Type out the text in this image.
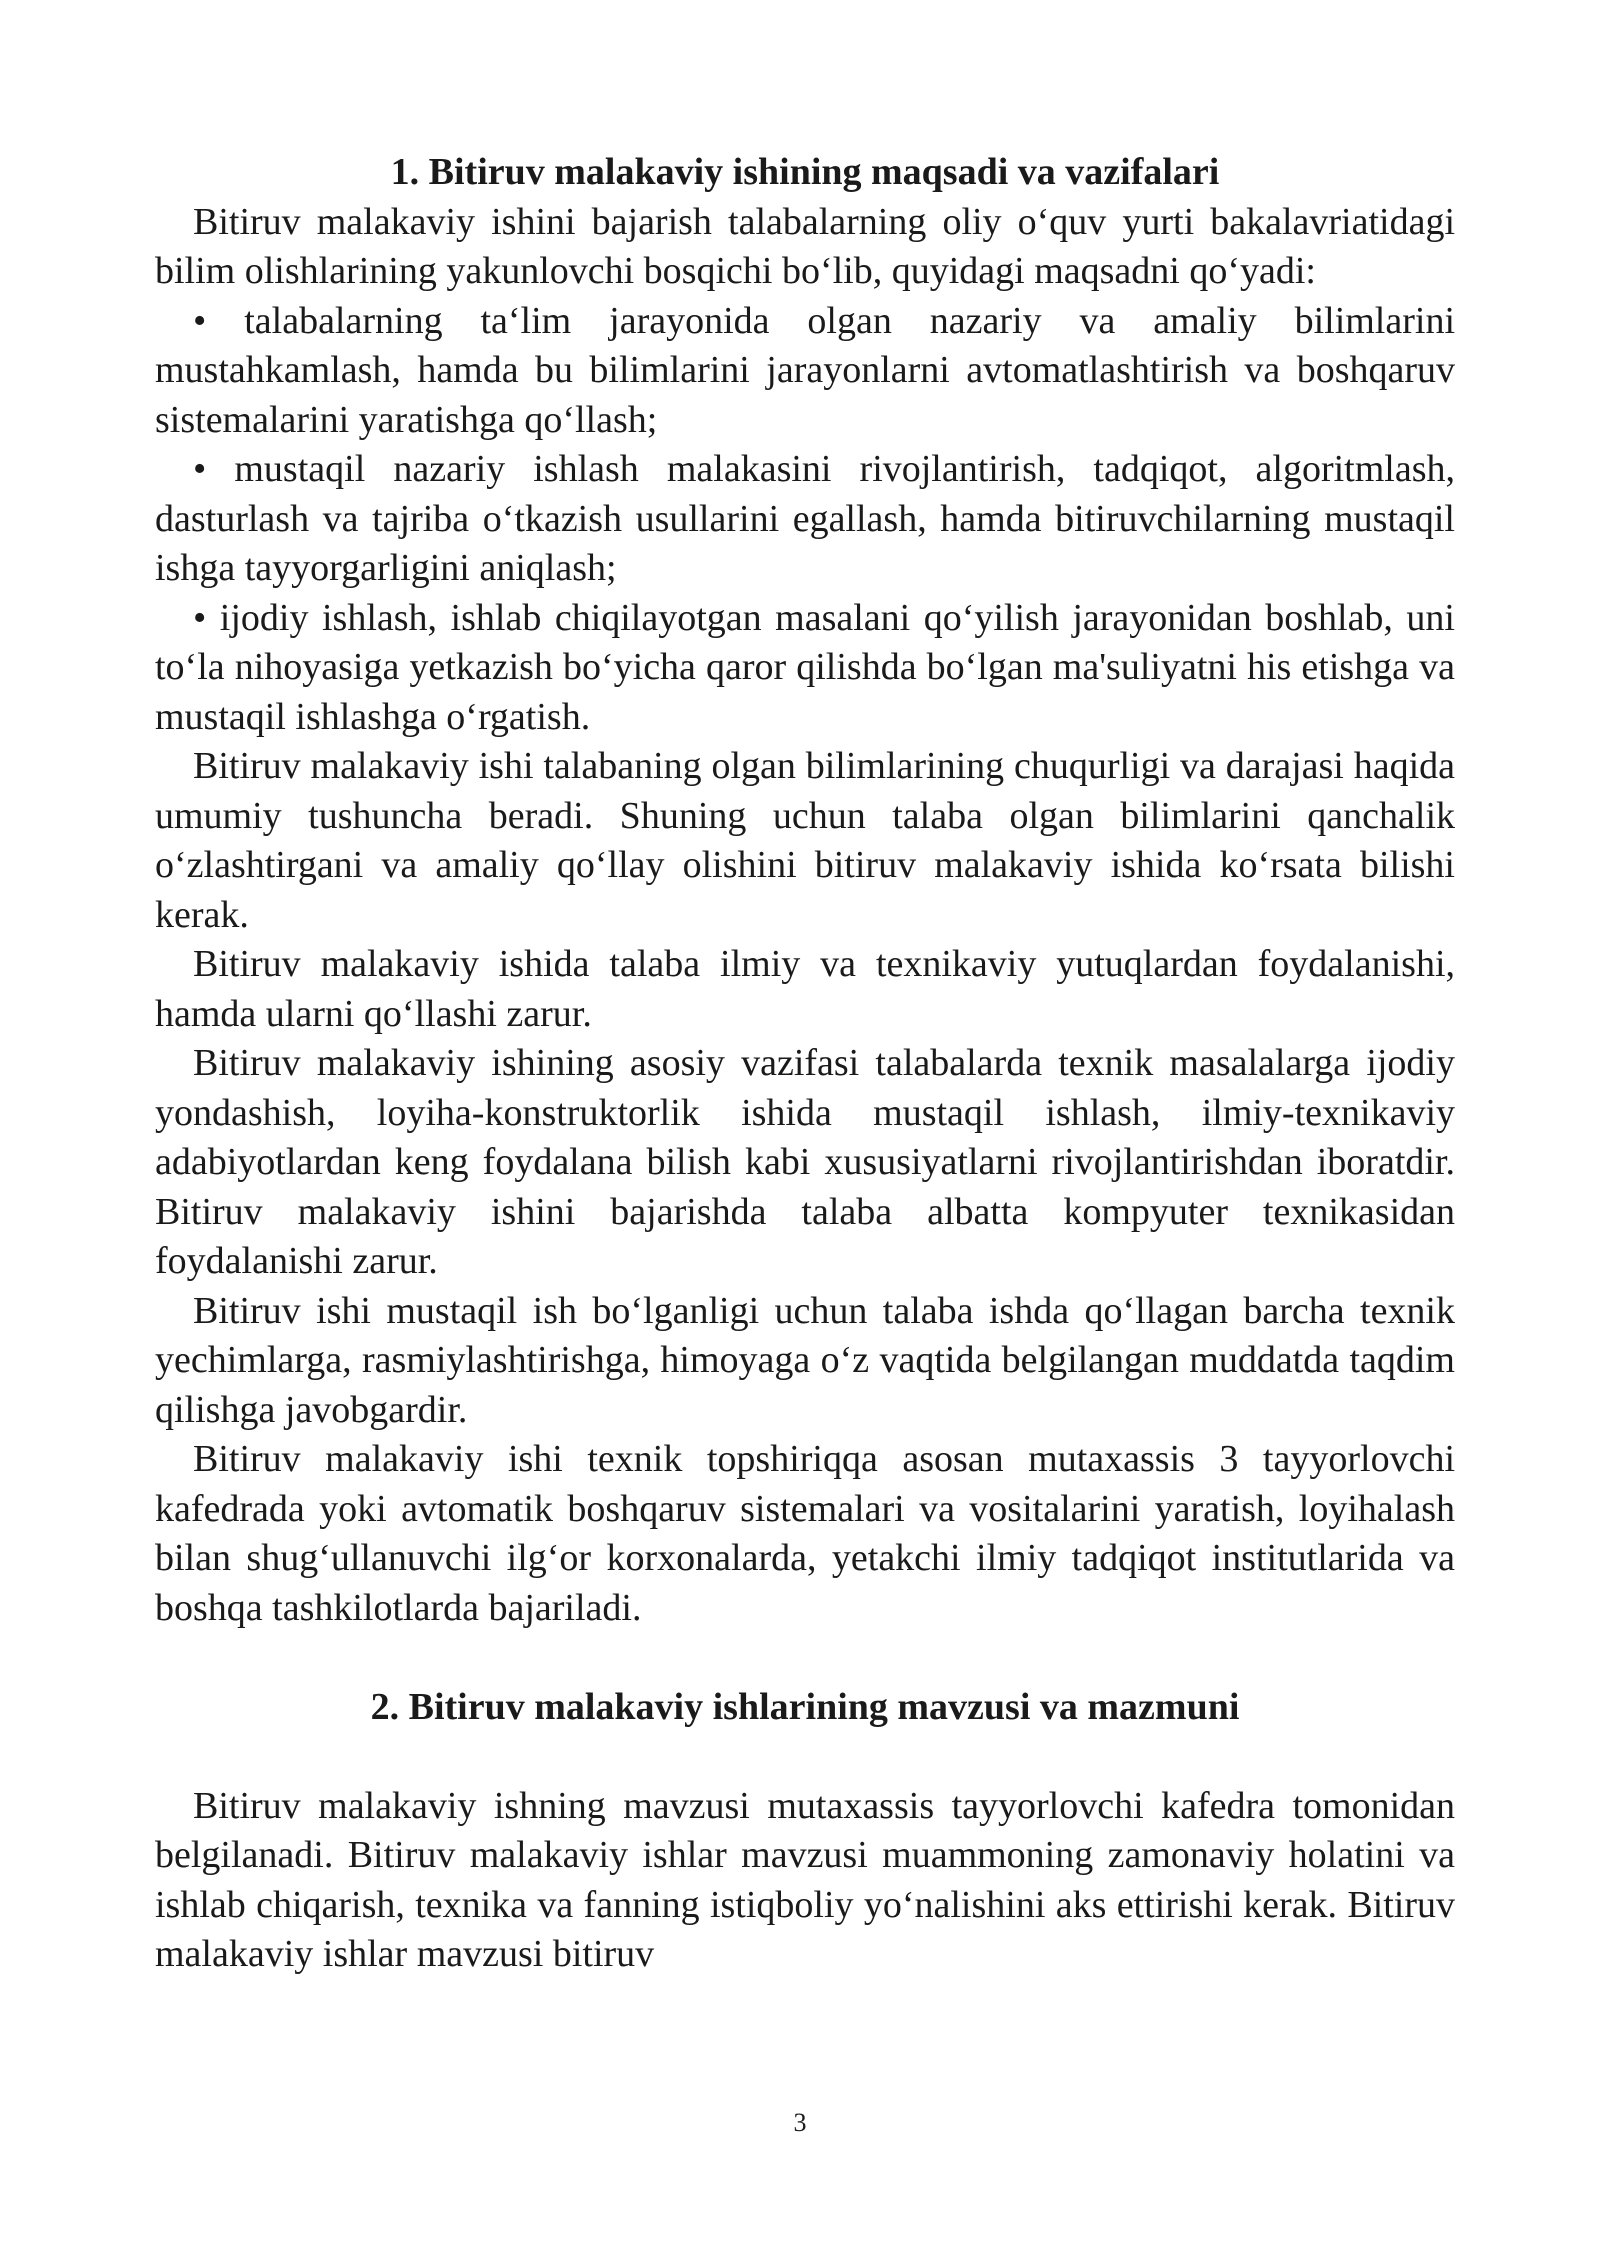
1. Bitiruv malakaviy ishining maqsadi va vazifalari

Bitiruv malakaviy ishini bajarish talabalarning oliy o‘quv yurti bakalavriatidagi bilim olishlarining yakunlovchi bosqichi bo‘lib, quyidagi maqsadni qo‘yadi:

• talabalarning ta‘lim jarayonida olgan nazariy va amaliy bilimlarini mustahkamlash, hamda bu bilimlarini jarayonlarni avtomatlashtirish va boshqaruv sistemalarini yaratishga qo‘llash;

• mustaqil nazariy ishlash malakasini rivojlantirish, tadqiqot, algoritmlash, dasturlash va tajriba o‘tkazish usullarini egallash, hamda bitiruvchilarning mustaqil ishga tayyorgarligini aniqlash;

• ijodiy ishlash, ishlab chiqilayotgan masalani qo‘yilish jarayonidan boshlab, uni to‘la nihoyasiga yetkazish bo‘yicha qaror qilishda bo‘lgan ma'suliyatni his etishga va mustaqil ishlashga o‘rgatish.

Bitiruv malakaviy ishi talabaning olgan bilimlarining chuqurligi va darajasi haqida umumiy tushuncha beradi. Shuning uchun talaba olgan bilimlarini qanchalik o‘zlashtirgani va amaliy qo‘llay olishini bitiruv malakaviy ishida ko‘rsata bilishi kerak.

Bitiruv malakaviy ishida talaba ilmiy va texnikaviy yutuqlardan foydalanishi, hamda ularni qo‘llashi zarur.

Bitiruv malakaviy ishining asosiy vazifasi talabalarda texnik masalalarga ijodiy yondashish, loyiha-konstruktorlik ishida mustaqil ishlash, ilmiy-texnikaviy adabiyotlardan keng foydalana bilish kabi xususiyatlarni rivojlantirishdan iboratdir. Bitiruv malakaviy ishini bajarishda talaba albatta kompyuter texnikasidan foydalanishi zarur.

Bitiruv ishi mustaqil ish bo‘lganligi uchun talaba ishda qo‘llagan barcha texnik yechimlarga, rasmiylashtirishga, himoyaga o‘z vaqtida belgilangan muddatda taqdim qilishga javobgardir.

Bitiruv malakaviy ishi texnik topshiriqqa asosan mutaxassis 3 tayyorlovchi kafedrada yoki avtomatik boshqaruv sistemalari va vositalarini yaratish, loyihalash bilan shug‘ullanuvchi ilg‘or korxonalarda, yetakchi ilmiy tadqiqot institutlarida va boshqa tashkilotlarda bajariladi.

2. Bitiruv malakaviy ishlarining mavzusi va mazmuni

Bitiruv malakaviy ishning mavzusi mutaxassis tayyorlovchi kafedra tomonidan belgilanadi. Bitiruv malakaviy ishlar mavzusi muammoning zamonaviy holatini va ishlab chiqarish, texnika va fanning istiqboliy yo‘nalishini aks ettirishi kerak. Bitiruv malakaviy ishlar mavzusi bitiruv

3
